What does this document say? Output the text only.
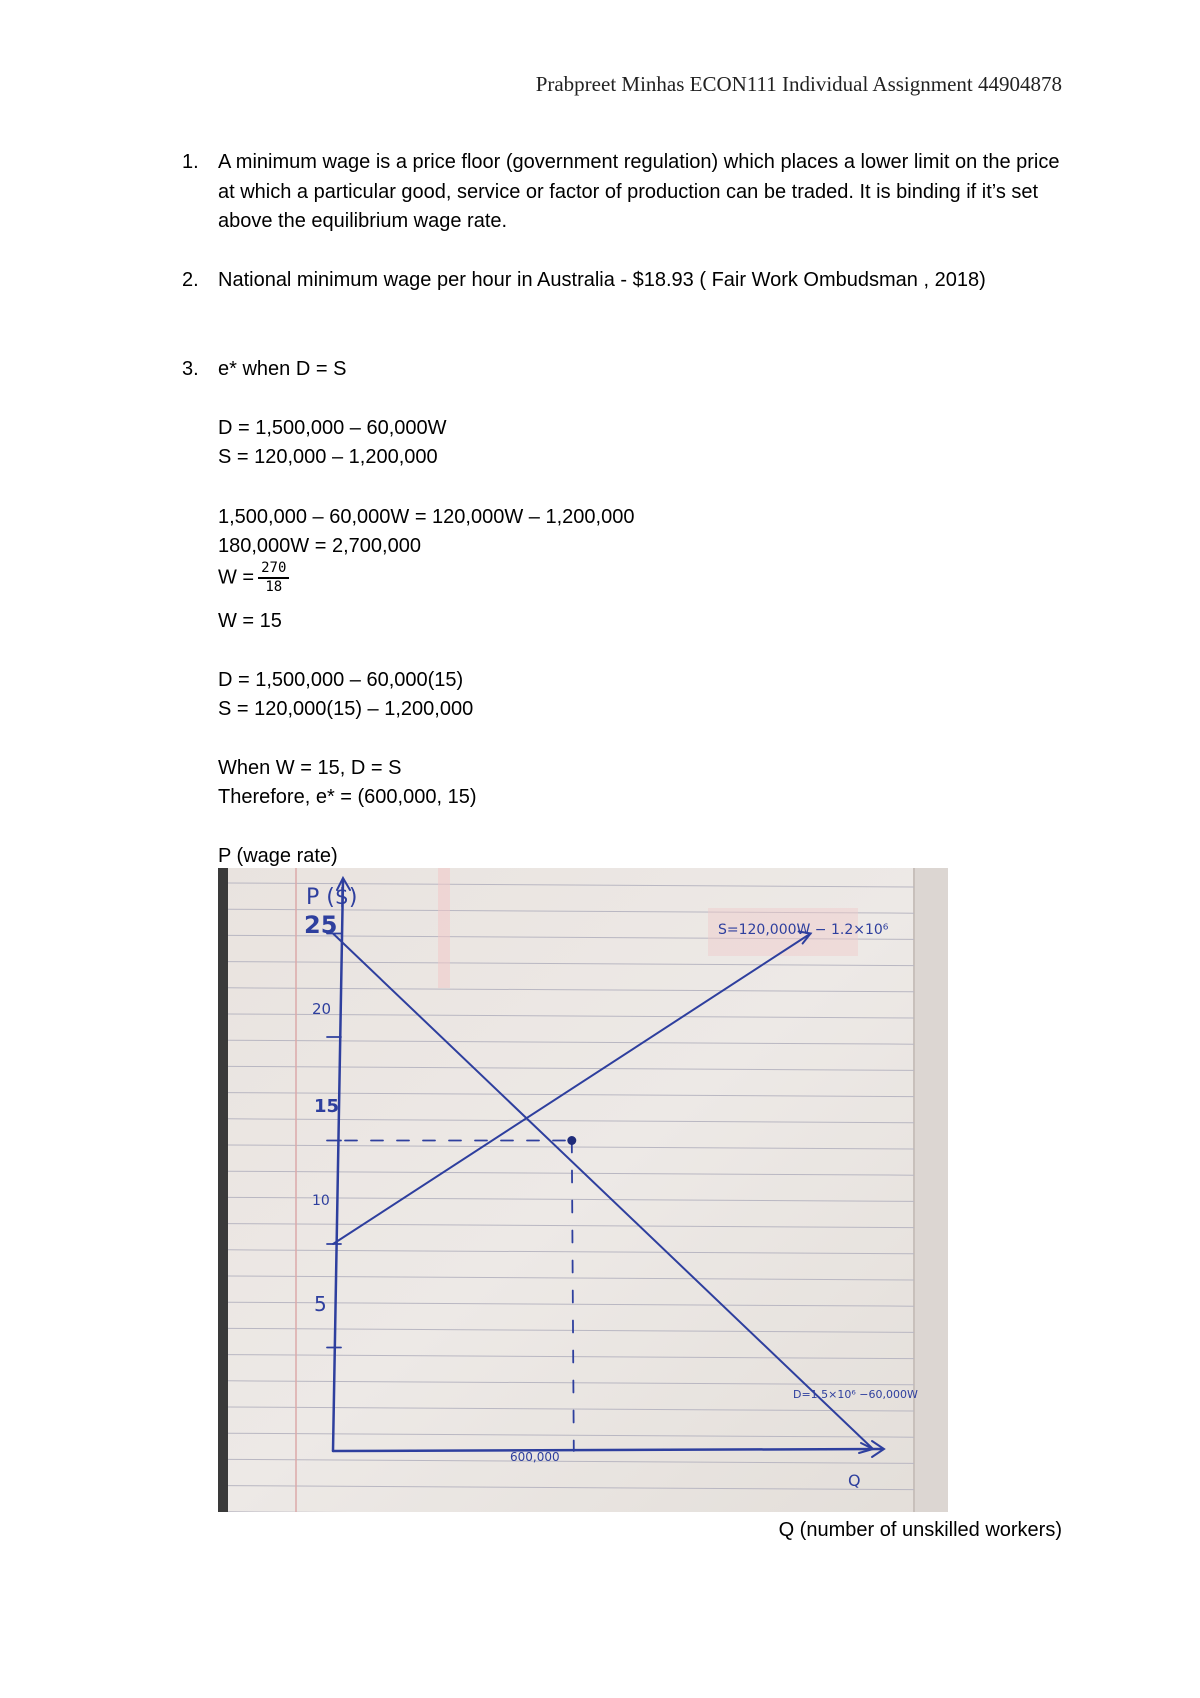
Prabpreet Minhas ECON111 Individual Assignment 44904878
1. A minimum wage is a price floor (government regulation) which places a lower limit on the price at which a particular good, service or factor of production can be traded. It is binding if it’s set above the equilibrium wage rate.
2. National minimum wage per hour in Australia - $18.93 ( Fair Work Ombudsman , 2018)
3. e* when D = S
D = 1,500,000 – 60,000W
S = 120,000 – 1,200,000
1,500,000 – 60,000W = 120,000W – 1,200,000
180,000W = 2,700,000
$W = \frac{270}{18}$
W = 15
D = 1,500,000 – 60,000(15)
S = 120,000(15) – 1,200,000
When W = 15, D = S
Therefore, e* = (600,000, 15)
P (wage rate)
Q (number of unskilled workers)
P ($)
25
20
15
10
5
600,000
Q
S=120,000W − 1.2×10⁶
D=1.5×10⁶ −60,000W
